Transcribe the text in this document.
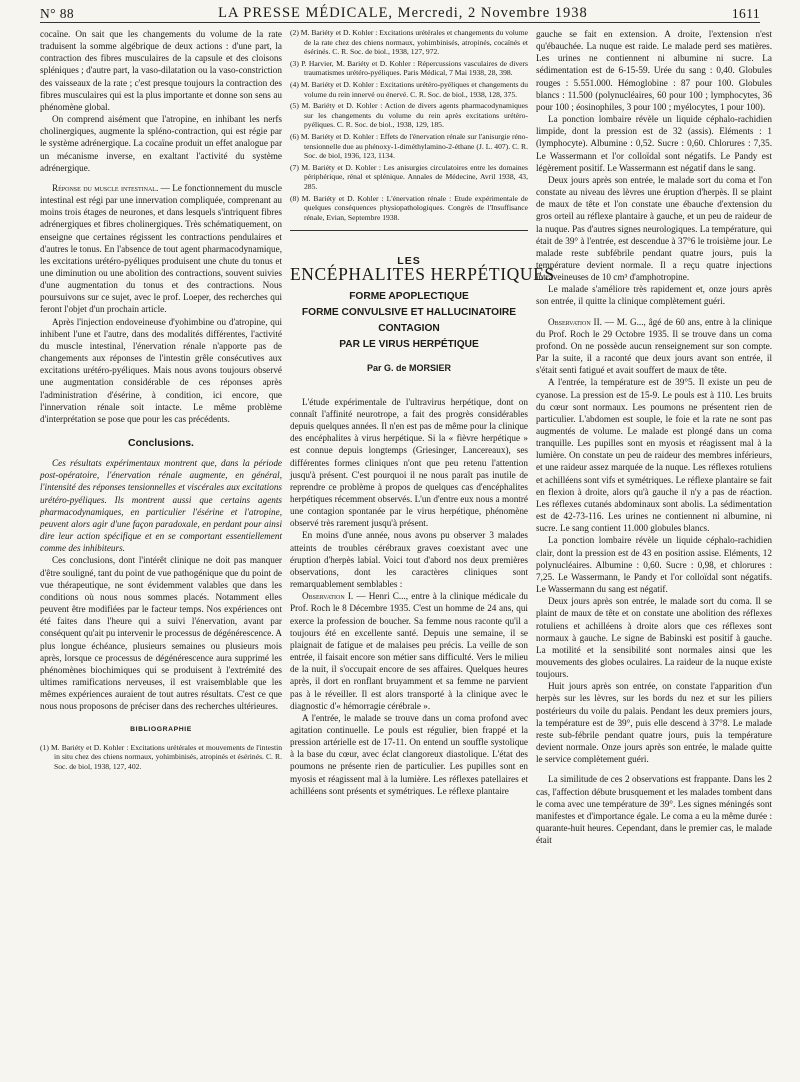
N° 88	LA PRESSE MÉDICALE, Mercredi, 2 Novembre 1938	1611

cocaïne. On sait que les changements du volume de la rate traduisent la somme algébrique de deux actions : d'une part, la contraction des fibres musculaires de la capsule et des cloisons spléniques ; d'autre part, la vaso-dilatation ou la vaso-constriction des vaisseaux de la rate ; c'est presque toujours la contraction des fibres musculaires qui est la plus importante et donne son sens au phénomène global.

On comprend aisément que l'atropine, en inhibant les nerfs cholinergiques, augmente la spléno-contraction, qui est régie par le système adrénergique. La cocaïne produit un effet analogue par un mécanisme inverse, en exaltant l'activité du système adrénergique.

Réponse du muscle intestinal. — Le fonctionnement du muscle intestinal est régi par une innervation compliquée, comprenant au moins trois étages de neurones, et dans lesquels s'intriquent fibres adrénergiques et fibres cholinergiques. Très schématiquement, on enseigne que certaines régissent les contractions pendulaires et d'autres le tonus. En l'absence de tout agent pharmacodynamique, les excitations urétéro-pyéliques produisent une chute du tonus et une diminution ou une abolition des contractions, souvent suivies d'une augmentation du tonus et des contractions. Nous poursuivons sur ce sujet, avec le prof. Loeper, des recherches qui feront l'objet d'un prochain article.

Après l'injection endoveineuse d'yohimbine ou d'atropine, qui inhibent l'une et l'autre, dans des modalités différentes, l'activité du muscle intestinal, l'énervation rénale n'apporte pas de changements aux réponses de l'intestin grêle consécutives aux excitations urétéro-pyéliques. Mais nous avons toujours observé une augmentation considérable de ces réponses après l'administration d'ésérine, à condition, ici encore, que l'innervation rénale soit intacte. Le même problème d'interprétation se pose que pour les cas précédents.

Conclusions.

Ces résultats expérimentaux montrent que, dans la période post-opératoire, l'énervation rénale augmente, en général, l'intensité des réponses tensionnelles et viscérales aux excitations urétéro-pyéliques. Ils montrent aussi que certains agents pharmacodynamiques, en particulier l'ésérine et l'atropine, peuvent alors agir d'une façon paradoxale, en perdant pour ainsi dire leur action spécifique et en se comportant essentiellement comme des inhibiteurs.

Ces conclusions, dont l'intérêt clinique ne doit pas manquer d'être souligné, tant du point de vue pathogénique que du point de vue thérapeutique, ne sont évidemment valables que dans les conditions où nous nous sommes placés. Notamment elles peuvent être modifiées par le facteur temps. Nos expériences ont été faites dans l'heure qui a suivi l'énervation, avant par conséquent qu'ait pu intervenir le processus de dégénérescence. A plus longue échéance, plusieurs semaines ou plusieurs mois après, lorsque ce processus de dégénérescence aura supprimé les phénomènes biochimiques qui se produisent à l'extrémité des ultimes ramifications nerveuses, il est vraisemblable que les mêmes expériences auraient de tout autres résultats. C'est ce que nous nous proposons de préciser dans des recherches ultérieures.

BIBLIOGRAPHIE

(1) M. Bariéty et D. Kohler : Excitations urétérales et mouvements de l'intestin in situ chez des chiens normaux, yohimbinisés, atropinés et ésérinés. C. R. Soc. de biol, 1938, 127, 402.

(2) M. Bariéty et D. Kohler : Excitations urétérales et changements du volume de la rate chez des chiens normaux, yohimbinisés, atropinés, cocaïnés et ésérinés. C. R. Soc. de biol., 1938, 127, 972.

(3) P. Harvier, M. Bariéty et D. Kohler : Répercussions vasculaires de divers traumatismes urétéro-pyéliques. Paris Médical, 7 Mai 1938, 28, 398.

(4) M. Bariéty et D. Kohler : Excitations urétéro-pyéliques et changements du volume du rein innervé ou énervé. C. R. Soc. de biol., 1938, 128, 375.

(5) M. Bariéty et D. Kohler : Action de divers agents pharmacodynamiques sur les changements du volume du rein après excitations urétéro-pyéliques. C. R. Soc. de biol., 1938, 129, 185.

(6) M. Bariéty et D. Kohler : Effets de l'énervation rénale sur l'anisurgie réno-tensionnelle due au phénoxy-1-diméthylamino-2-éthane (J. L. 407). C. R. Soc. de biol, 1936, 123, 1134.

(7) M. Bariéty et D. Kohler : Les anisurgies circulatoires entre les domaines périphérique, rénal et splénique. Annales de Médecine, Avril 1938, 43, 285.

(8) M. Bariéty et D. Kohler : L'énervation rénale : Etude expérimentale de quelques conséquences physiopathologiques. Congrès de l'Insuffisance rénale, Evian, Septembre 1938.

LES
ENCÉPHALITES HERPÉTIQUES
FORME APOPLECTIQUE
FORME CONVULSIVE ET HALLUCINATOIRE
CONTAGION
PAR LE VIRUS HERPÉTIQUE
Par G. de MORSIER

L'étude expérimentale de l'ultravirus herpétique, dont on connaît l'affinité neurotrope, a fait des progrès considérables depuis quelques années. Il n'en est pas de même pour la clinique des encéphalites à virus herpétique. Si la « fièvre herpétique » est connue depuis longtemps (Griesinger, Lancereaux), ses différentes formes cliniques n'ont que peu retenu l'attention jusqu'à présent. C'est pourquoi il ne nous paraît pas inutile de reprendre ce problème à propos de quelques cas d'encéphalites herpétiques récemment observés. L'un d'entre eux nous a montré une contagion spontanée par le virus herpétique, phénomène observé très rarement jusqu'à présent.

En moins d'une année, nous avons pu observer 3 malades atteints de troubles cérébraux graves coexistant avec une éruption d'herpès labial. Voici tout d'abord nos deux premières observations, dont les caractères cliniques sont remarquablement semblables :

Observation I. — Henri C..., entre à la clinique médicale du Prof. Roch le 8 Décembre 1935. C'est un homme de 24 ans, qui exerce la profession de boucher. Sa femme nous raconte qu'il a toujours été en excellente santé. Depuis une semaine, il se plaignait de fatigue et de malaises peu précis. La veille de son entrée, il faisait encore son métier sans difficulté. Vers le milieu de la nuit, il s'occupait encore de ses affaires. Quelques heures après, il dort en ronflant bruyamment et sa femme ne parvient pas à le réveiller. Il est alors transporté à la clinique avec le diagnostic d'« hémorragie cérébrale ».

A l'entrée, le malade se trouve dans un coma profond avec agitation continuelle. Le pouls est régulier, bien frappé et la pression artérielle est de 17-11. On entend un souffle systolique à la base du cœur, avec éclat clangoreux diastolique. L'état des poumons ne présente rien de particulier. Les pupilles sont en myosis et réagissent mal à la lumière. Les réflexes patellaires et achilléens sont présents et symétriques. Le réflexe plantaire

gauche se fait en extension. A droite, l'extension n'est qu'ébauchée. La nuque est raide. Le malade perd ses matières. Les urines ne contiennent ni albumine ni sucre. La sédimentation est de 6-15-59. Urée du sang : 0,40. Globules rouges : 5.551.000. Hémoglobine : 87 pour 100. Globules blancs : 11.500 (polynucléaires, 60 pour 100 ; lymphocytes, 36 pour 100 ; éosinophiles, 3 pour 100 ; myélocytes, 1 pour 100).

La ponction lombaire révèle un liquide céphalo-rachidien limpide, dont la pression est de 32 (assis). Eléments : 1 (lymphocyte). Albumine : 0,52. Sucre : 0,60. Chlorures : 7,35. Le Wassermann et l'or colloïdal sont négatifs. Le Pandy est légèrement positif. Le Wassermann est négatif dans le sang.

Deux jours après son entrée, le malade sort du coma et l'on constate au niveau des lèvres une éruption d'herpès. Il se plaint de maux de tête et l'on constate une ébauche d'extension du gros orteil au réflexe plantaire à gauche, et un peu de raideur de la nuque. Pas d'autres signes neurologiques. La température, qui était de 39° à l'entrée, est descendue à 37°6 le troisième jour. Le malade reste subfébrile pendant quatre jours, puis la température devient normale. Il a reçu quatre injections intraveineuses de 10 cm³ d'amphotropine.

Le malade s'améliore très rapidement et, onze jours après son entrée, il quitte la clinique complètement guéri.

Observation II. — M. G..., âgé de 60 ans, entre à la clinique du Prof. Roch le 29 Octobre 1935. Il se trouve dans un coma profond. On ne possède aucun renseignement sur son compte. Par la suite, il a raconté que deux jours avant son entrée, il s'était senti fatigué et avait souffert de maux de tête.

A l'entrée, la température est de 39°5. Il existe un peu de cyanose. La pression est de 15-9. Le pouls est à 110. Les bruits du cœur sont normaux. Les poumons ne présentent rien de particulier. L'abdomen est souple, le foie et la rate ne sont pas augmentés de volume. Le malade est plongé dans un coma tranquille. Les pupilles sont en myosis et réagissent mal à la lumière. On constate un peu de raideur des membres inférieurs, et une raideur assez marquée de la nuque. Les réflexes rotuliens et achilléens sont vifs et symétriques. Le réflexe plantaire se fait en flexion à droite, alors qu'à gauche il n'y a pas de réaction. Les réflexes cutanés abdominaux sont abolis. La sédimentation est de 42-73-116. Les urines ne contiennent ni albumine, ni sucre. Le sang contient 11.000 globules blancs.

La ponction lombaire révèle un liquide céphalo-rachidien clair, dont la pression est de 43 en position assise. Eléments, 12 polynucléaires. Albumine : 0,60. Sucre : 0,98, et chlorures : 7,25. Le Wassermann, le Pandy et l'or colloïdal sont négatifs. Le Wassermann du sang est négatif.

Deux jours après son entrée, le malade sort du coma. Il se plaint de maux de tête et on constate une abolition des réflexes rotuliens et achilléens à droite alors que ces réflexes sont normaux à gauche. Le signe de Babinski est positif à gauche. La motilité et la sensibilité sont normales ainsi que les mouvements des globes oculaires. La raideur de la nuque existe toujours.

Huit jours après son entrée, on constate l'apparition d'un herpès sur les lèvres, sur les bords du nez et sur les piliers postérieurs du voile du palais. Pendant les deux premiers jours, la température est de 39°, puis elle descend à 37°8. Le malade reste sub-fébrile pendant quatre jours, puis la température devient normale. Onze jours après son entrée, le malade quitte le service complètement guéri.

La similitude de ces 2 observations est frappante. Dans les 2 cas, l'affection débute brusquement et les malades tombent dans le coma avec une température de 39°. Les signes méningés sont manifestes et d'importance égale. Le coma a eu la même durée : quarante-huit heures. Cependant, dans le premier cas, le malade était
